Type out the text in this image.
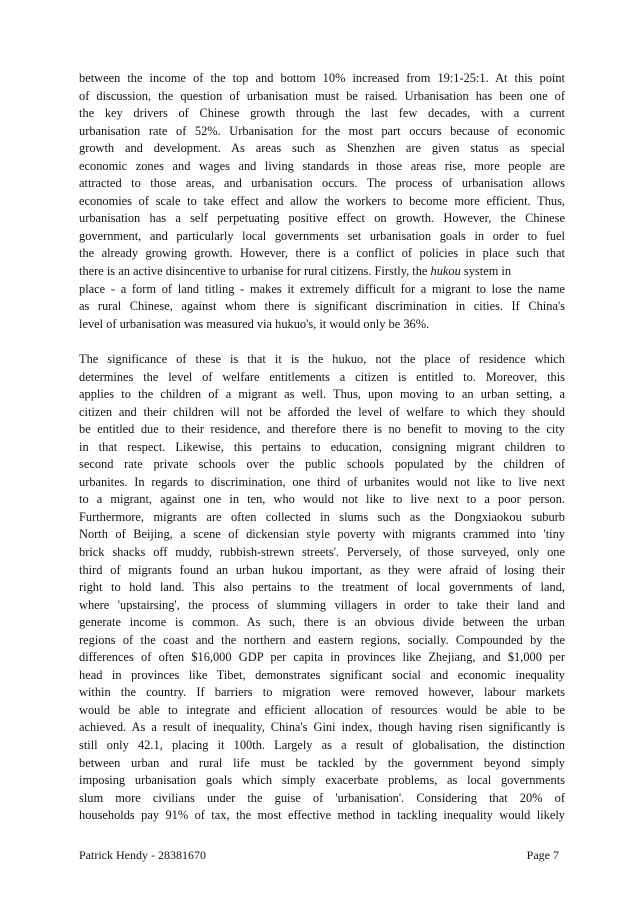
between the income of the top and bottom 10% increased from 19:1-25:1. At this point
of discussion, the question of urbanisation must be raised. Urbanisation has been one of
the key drivers of Chinese growth through the last few decades, with a current
urbanisation rate of 52%. Urbanisation for the most part occurs because of economic
growth and development. As areas such as Shenzhen are given status as special
economic zones and wages and living standards in those areas rise, more people are
attracted to those areas, and urbanisation occurs. The process of urbanisation allows
economies of scale to take effect and allow the workers to become more efficient. Thus,
urbanisation has a self perpetuating positive effect on growth. However, the Chinese
government, and particularly local governments set urbanisation goals in order to fuel
the already growing growth. However, there is a conflict of policies in place such that
there is an active disincentive to urbanise for rural citizens. Firstly, the hukou system in
place - a form of land titling - makes it extremely difficult for a migrant to lose the name
as rural Chinese, against whom there is significant discrimination in cities. If China's
level of urbanisation was measured via hukuo's, it would only be 36%.
The significance of these is that it is the hukuo, not the place of residence which
determines the level of welfare entitlements a citizen is entitled to. Moreover, this
applies to the children of a migrant as well. Thus, upon moving to an urban setting, a
citizen and their children will not be afforded the level of welfare to which they should
be entitled due to their residence, and therefore there is no benefit to moving to the city
in that respect. Likewise, this pertains to education, consigning migrant children to
second rate private schools over the public schools populated by the children of
urbanites. In regards to discrimination, one third of urbanites would not like to live next
to a migrant, against one in ten, who would not like to live next to a poor person.
Furthermore, migrants are often collected in slums such as the Dongxiaokou suburb
North of Beijing, a scene of dickensian style poverty with migrants crammed into 'tiny
brick shacks off muddy, rubbish-strewn streets'. Perversely, of those surveyed, only one
third of migrants found an urban hukou important, as they were afraid of losing their
right to hold land. This also pertains to the treatment of local governments of land,
where 'upstairsing', the process of slumming villagers in order to take their land and
generate income is common. As such, there is an obvious divide between the urban
regions of the coast and the northern and eastern regions, socially. Compounded by the
differences of often $16,000 GDP per capita in provinces like Zhejiang, and $1,000 per
head in provinces like Tibet, demonstrates significant social and economic inequality
within the country. If barriers to migration were removed however, labour markets
would be able to integrate and efficient allocation of resources would be able to be
achieved. As a result of inequality, China's Gini index, though having risen significantly is
still only 42.1, placing it 100th. Largely as a result of globalisation, the distinction
between urban and rural life must be tackled by the government beyond simply
imposing urbanisation goals which simply exacerbate problems, as local governments
slum more civilians under the guise of 'urbanisation'. Considering that 20% of
households pay 91% of tax, the most effective method in tackling inequality would likely
Patrick Hendy - 28381670	Page 7
